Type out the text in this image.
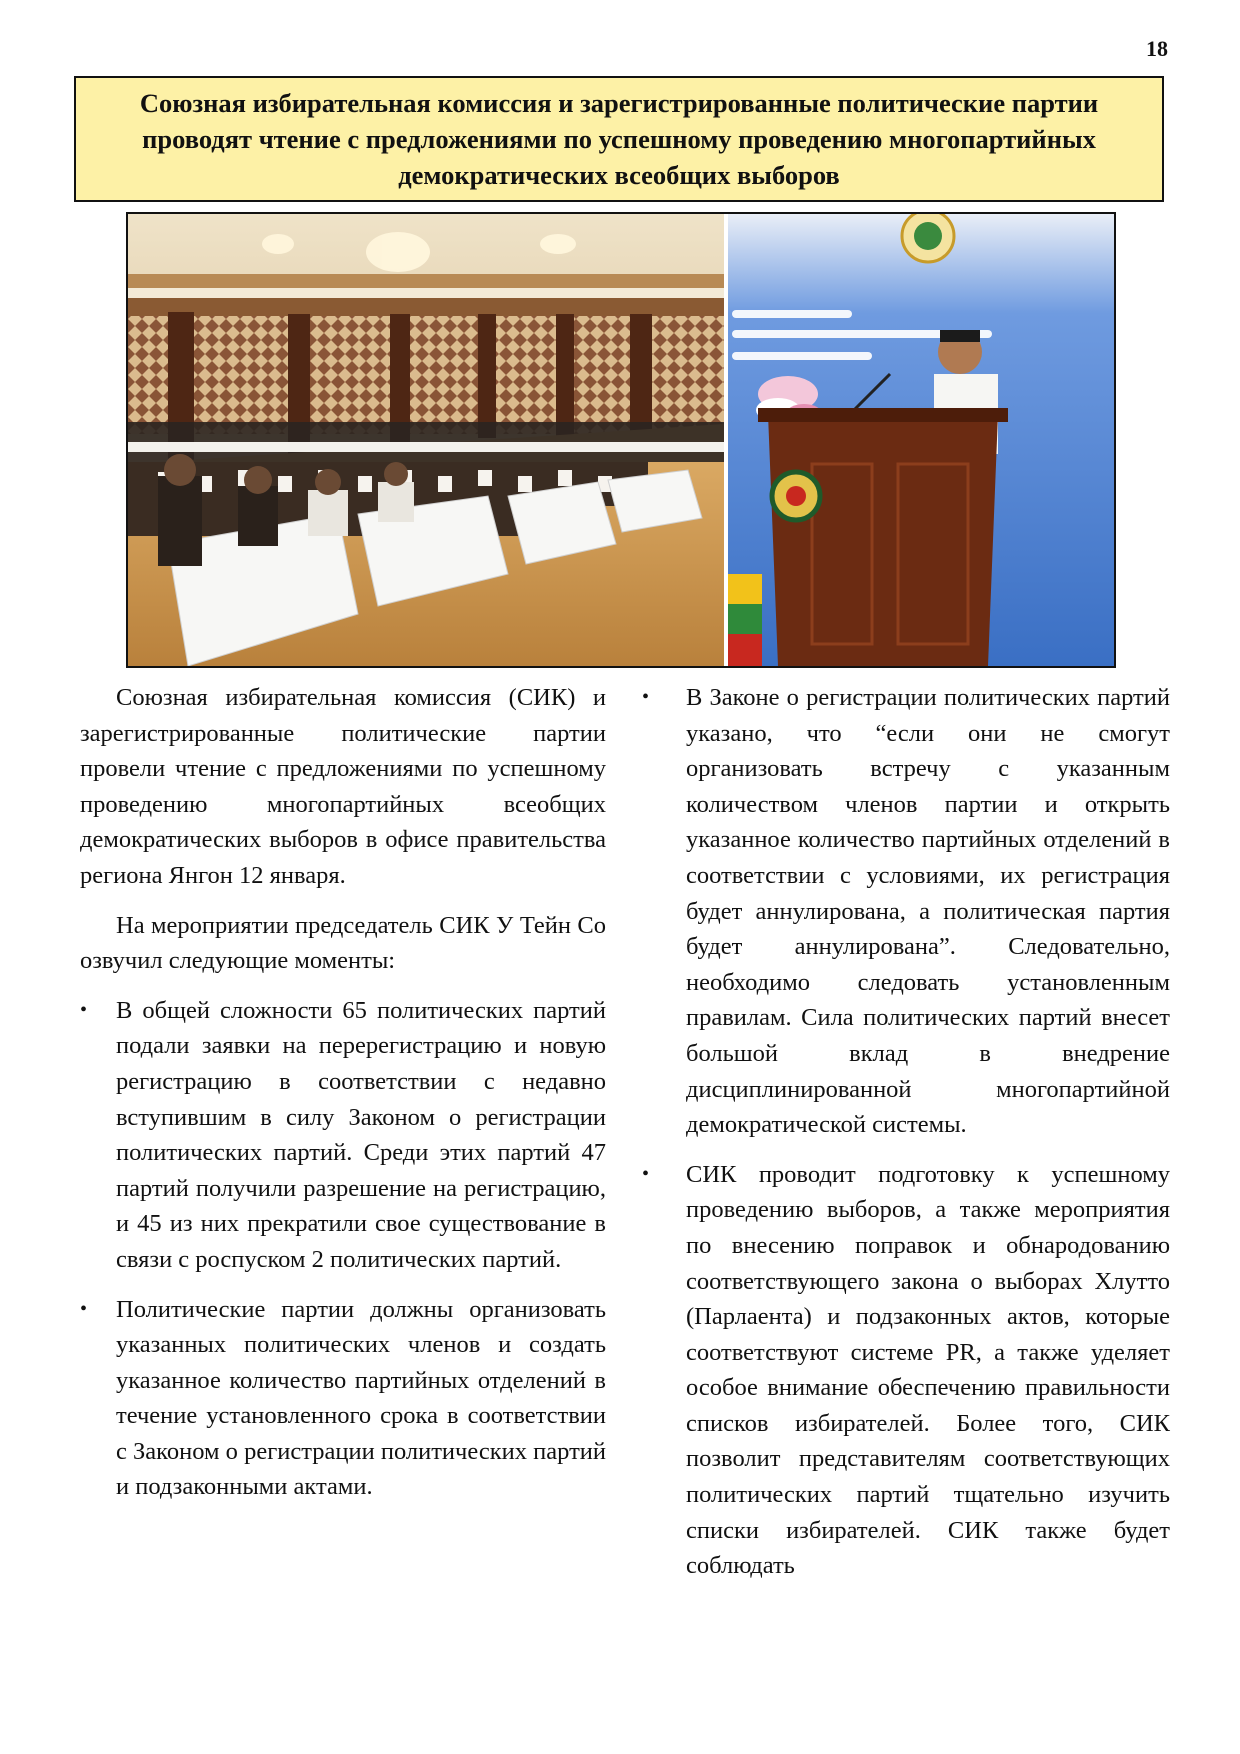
18
Союзная избирательная комиссия и зарегистрированные политические партии проводят чтение с предложениями по успешному проведению многопартийных демократических всеобщих выборов

Союзная избирательная комиссия (СИК) и зарегистрированные политические партии провели чтение с предложениями по успешному проведению многопартийных всеобщих демократических выборов в офисе правительства региона Янгон 12 января.

На мероприятии председатель СИК У Тейн Со озвучил следующие моменты:

• В общей сложности 65 политических партий подали заявки на перерегистрацию и новую регистрацию в соответствии с недавно вступившим в силу Законом о регистрации политических партий. Среди этих партий 47 партий получили разрешение на регистрацию, и 45 из них прекратили свое существование в связи с роспуском 2 политических партий.
• Политические партии должны организовать указанных политических членов и создать указанное количество партийных отделений в течение установленного срока в соответствии с Законом о регистрации политических партий и подзаконными актами.
• В Законе о регистрации политических партий указано, что “если они не смогут организовать встречу с указанным количеством членов партии и открыть указанное количество партийных отделений в соответствии с условиями, их регистрация будет аннулирована, а политическая партия будет аннулирована”. Следовательно, необходимо следовать установленным правилам. Сила политических партий внесет большой вклад в внедрение дисциплинированной многопартийной демократической системы.
• СИК проводит подготовку к успешному проведению выборов, а также мероприятия по внесению поправок и обнародованию соответствующего закона о выборах Хлутто (Парлаента) и подзаконных актов, которые соответствуют системе PR, а также уделяет особое внимание обеспечению правильности списков избирателей. Более того, СИК позволит представителям соответствующих политических партий тщательно изучить списки избирателей. СИК также будет соблюдать
